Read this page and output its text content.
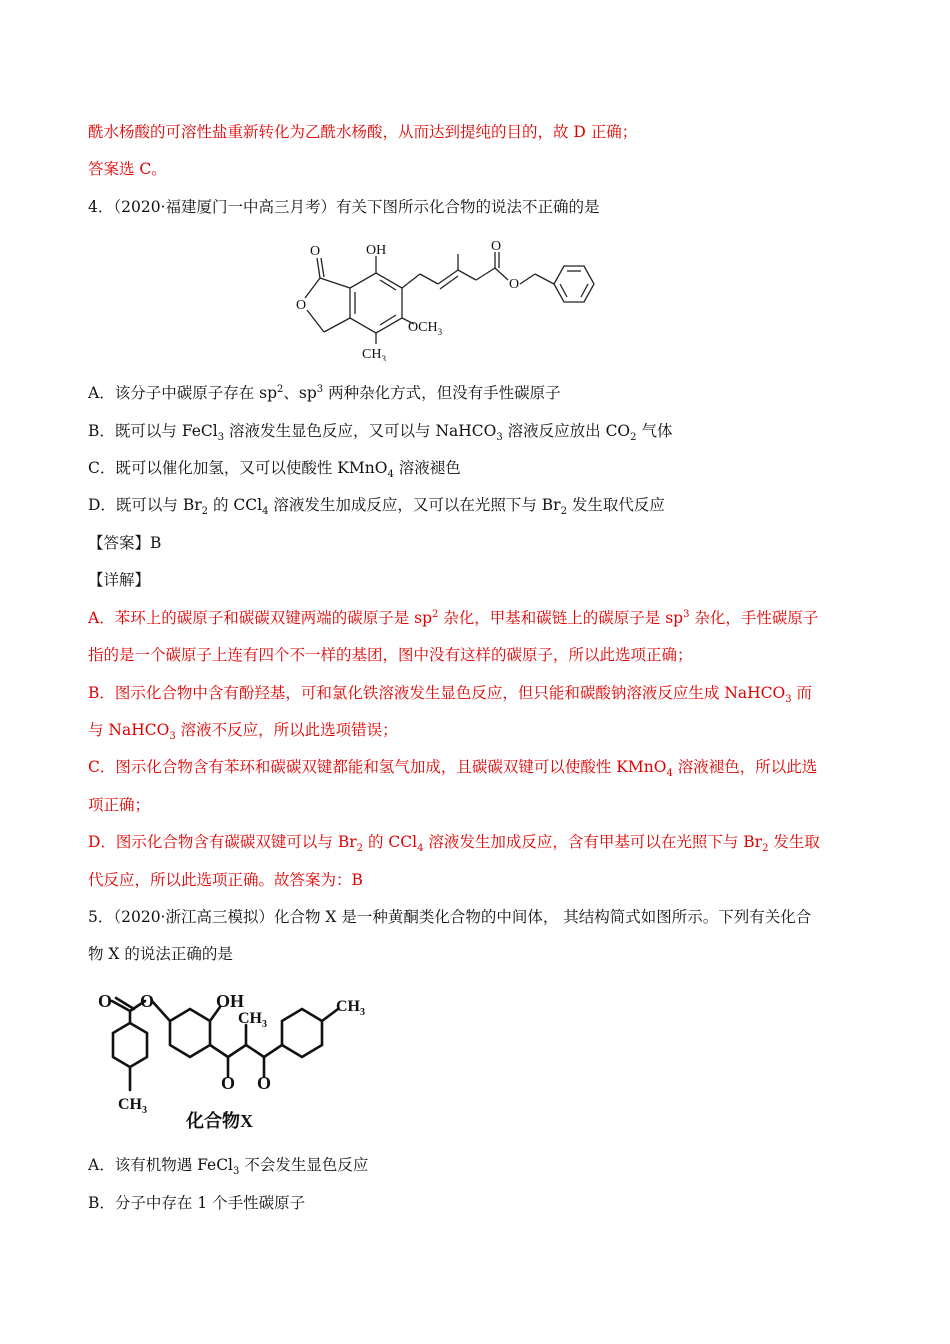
酰水杨酸的可溶性盐重新转化为乙酰水杨酸，从而达到提纯的目的，故 D 正确；
答案选 C。
4．（2020·福建厦门一中高三月考）有关下图所示化合物的说法不正确的是
O
O
OH
$OCH_3$
$CH_3$
O
O
A．该分子中碳原子存在 $sp^2$、$sp^3$ 两种杂化方式，但没有手性碳原子
B．既可以与 FeCl$_3$ 溶液发生显色反应，又可以与 NaHCO$_3$ 溶液反应放出 $CO_2$ 气体
C．既可以催化加氢，又可以使酸性 KMnO$_4$ 溶液褪色
D．既可以与 $Br_2$ 的 CCl$_4$ 溶液发生加成反应，又可以在光照下与 $Br_2$ 发生取代反应
【答案】B
【详解】
A．苯环上的碳原子和碳碳双键两端的碳原子是 $sp^2$ 杂化，甲基和碳链上的碳原子是 $sp^3$ 杂化，手性碳原子
指的是一个碳原子上连有四个不一样的基团，图中没有这样的碳原子，所以此选项正确；
B．图示化合物中含有酚羟基，可和氯化铁溶液发生显色反应，但只能和碳酸钠溶液反应生成 NaHCO$_3$ 而
与 NaHCO$_3$ 溶液不反应，所以此选项错误；
C．图示化合物含有苯环和碳碳双键都能和氢气加成，且碳碳双键可以使酸性 KMnO$_4$ 溶液褪色，所以此选
项正确；
D．图示化合物含有碳碳双键可以与 $Br_2$ 的 CCl$_4$ 溶液发生加成反应，含有甲基可以在光照下与 $Br_2$ 发生取
代反应，所以此选项正确。故答案为：B
5．（2020·浙江高三模拟）化合物 X 是一种黄酮类化合物的中间体， 其结构简式如图所示。下列有关化合
物 X 的说法正确的是
O O	OH
$CH_3$
$CH_3$
$CH_3$
O O
化合物X
A．该有机物遇 FeCl$_3$ 不会发生显色反应
B．分子中存在 1 个手性碳原子
